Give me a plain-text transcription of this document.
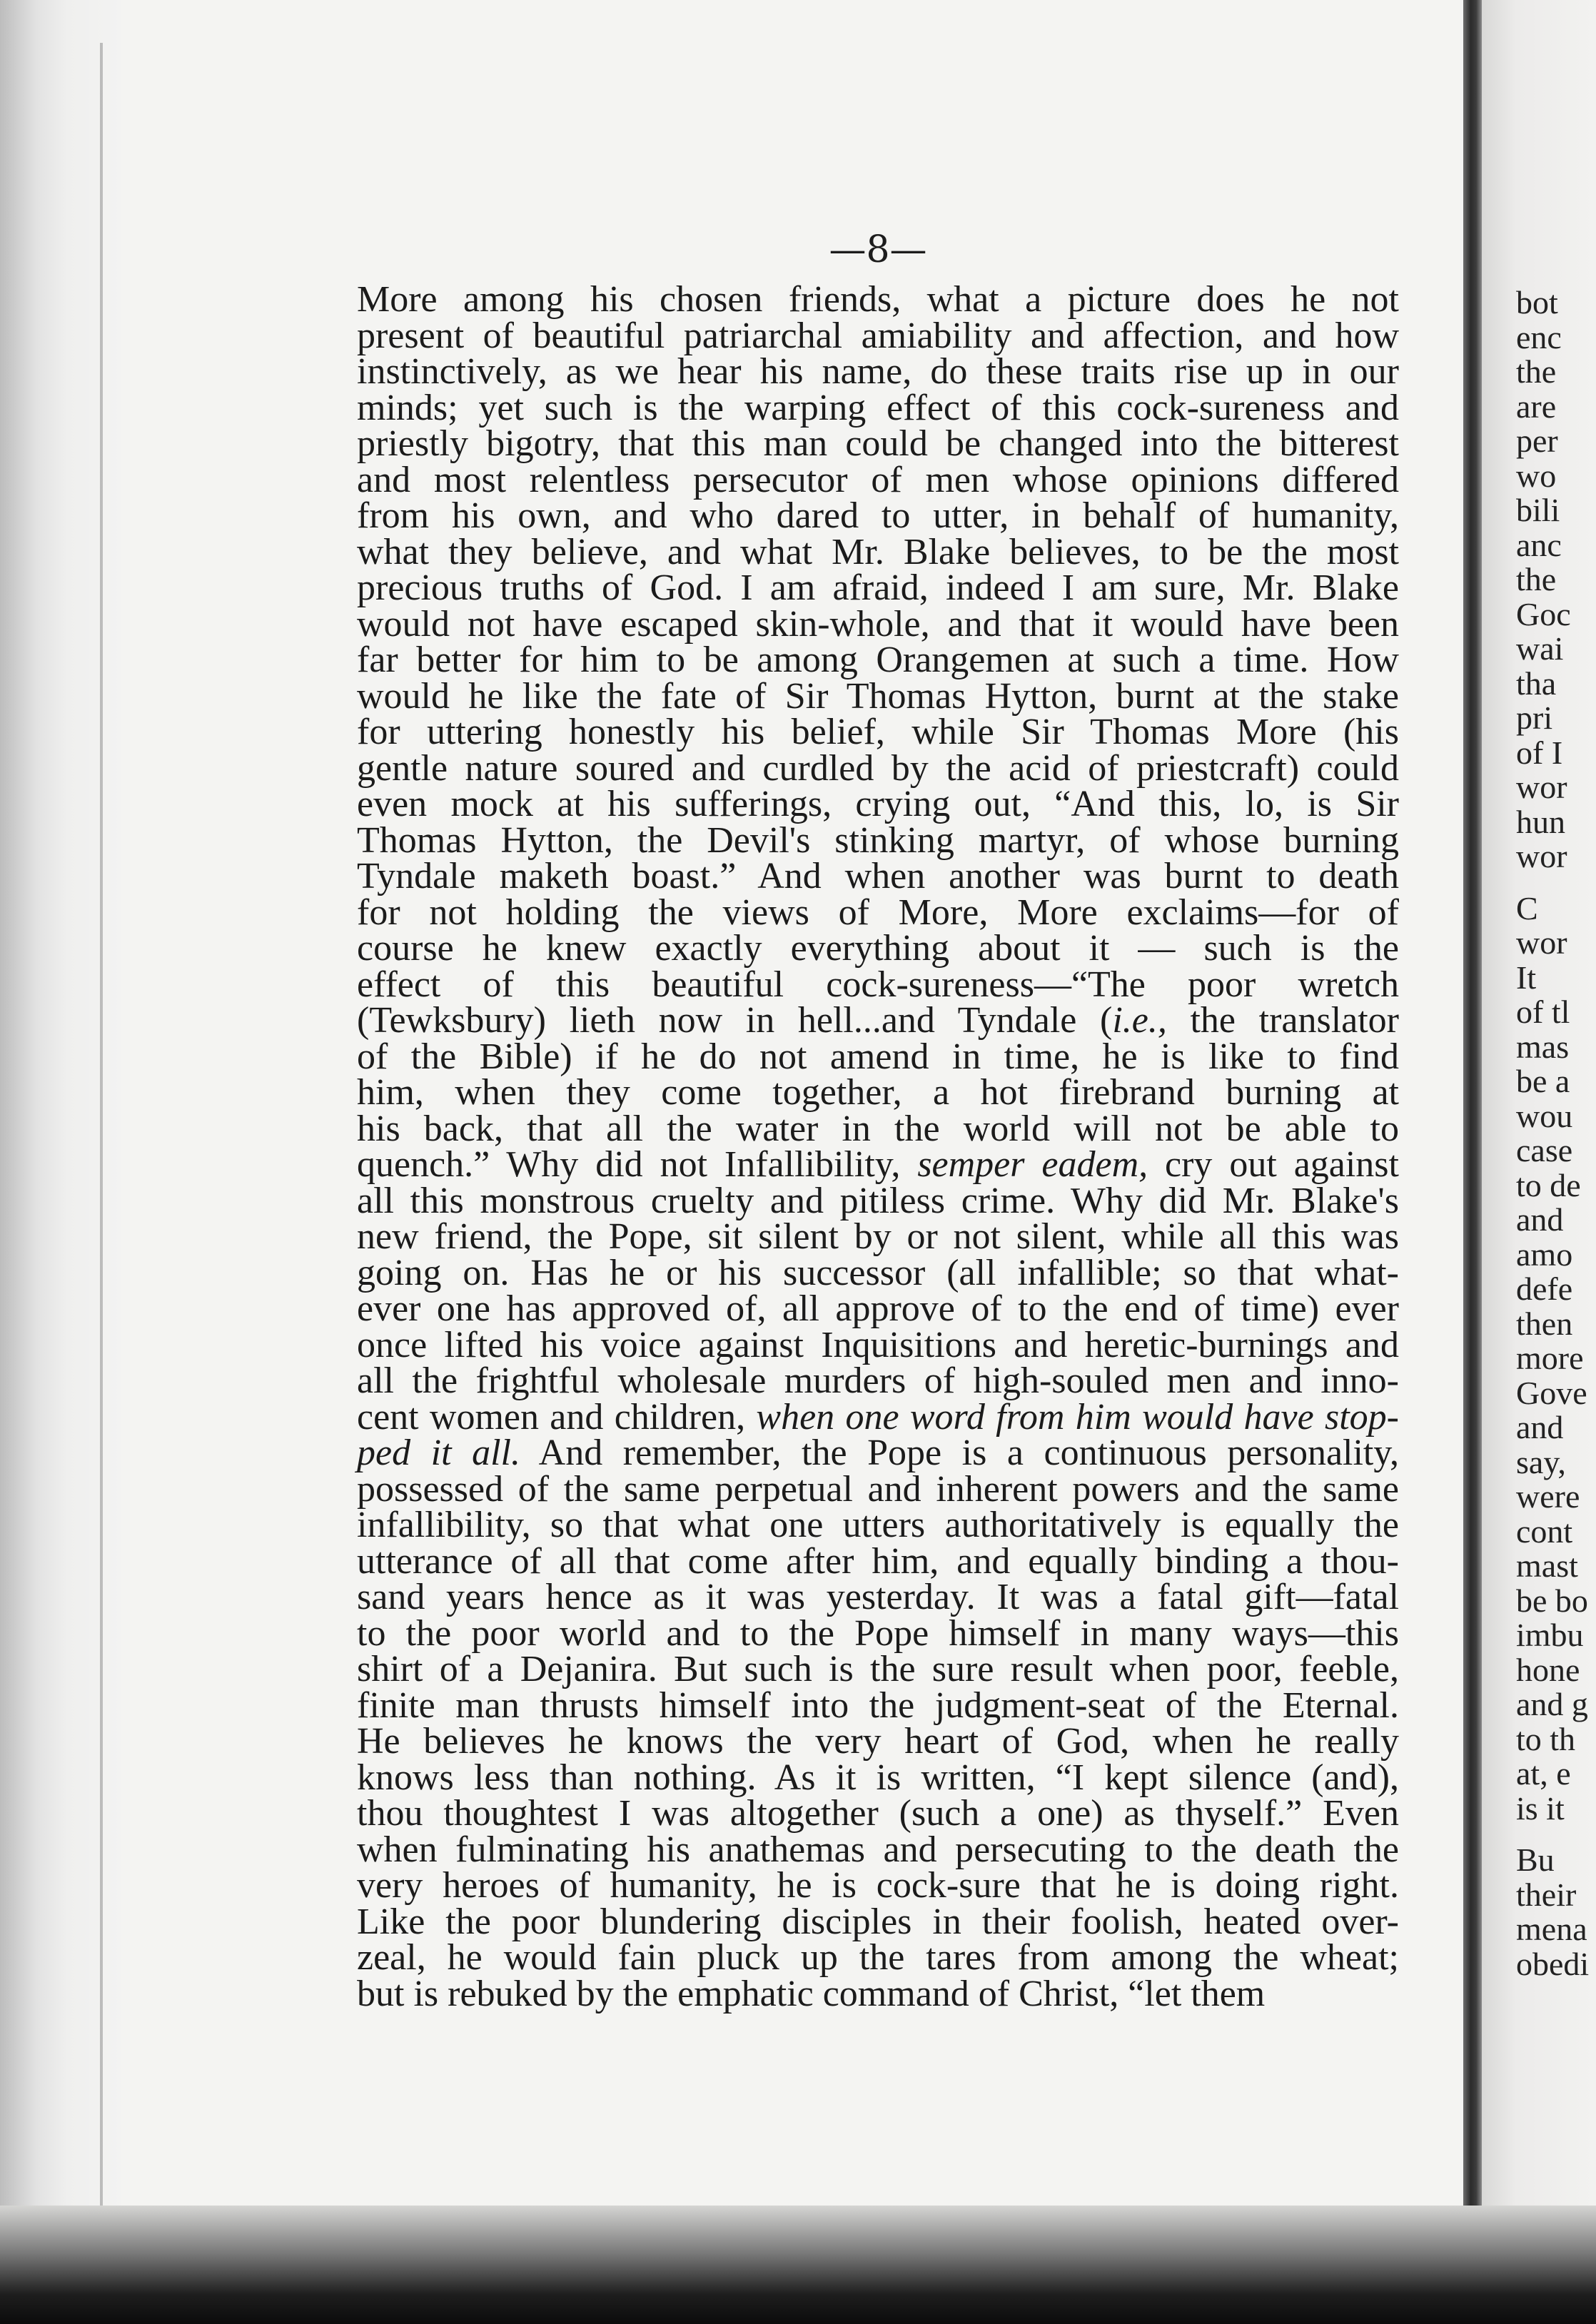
—8—
More among his chosen friends, what a picture does he not
present of beautiful patriarchal amiability and affection, and how
instinctively, as we hear his name, do these traits rise up in our
minds; yet such is the warping effect of this cock-sureness and
priestly bigotry, that this man could be changed into the bitterest
and most relentless persecutor of men whose opinions differed
from his own, and who dared to utter, in behalf of humanity,
what they believe, and what Mr. Blake believes, to be the most
precious truths of God. I am afraid, indeed I am sure, Mr. Blake
would not have escaped skin-whole, and that it would have been
far better for him to be among Orangemen at such a time. How
would he like the fate of Sir Thomas Hytton, burnt at the stake
for uttering honestly his belief, while Sir Thomas More (his
gentle nature soured and curdled by the acid of priestcraft) could
even mock at his sufferings, crying out, “And this, lo, is Sir
Thomas Hytton, the Devil's stinking martyr, of whose burning
Tyndale maketh boast.” And when another was burnt to death
for not holding the views of More, More exclaims—for of
course he knew exactly everything about it — such is the
effect of this beautiful cock-sureness—“The poor wretch
(Tewksbury) lieth now in hell...and Tyndale (i.e., the translator
of the Bible) if he do not amend in time, he is like to find
him, when they come together, a hot firebrand burning at
his back, that all the water in the world will not be able to
quench.” Why did not Infallibility, semper eadem, cry out against
all this monstrous cruelty and pitiless crime. Why did Mr. Blake's
new friend, the Pope, sit silent by or not silent, while all this was
going on. Has he or his successor (all infallible; so that what-
ever one has approved of, all approve of to the end of time) ever
once lifted his voice against Inquisitions and heretic-burnings and
all the frightful wholesale murders of high-souled men and inno-
cent women and children, when one word from him would have stop-
ped it all. And remember, the Pope is a continuous personality,
possessed of the same perpetual and inherent powers and the same
infallibility, so that what one utters authoritatively is equally the
utterance of all that come after him, and equally binding a thou-
sand years hence as it was yesterday. It was a fatal gift—fatal
to the poor world and to the Pope himself in many ways—this
shirt of a Dejanira. But such is the sure result when poor, feeble,
finite man thrusts himself into the judgment-seat of the Eternal.
He believes he knows the very heart of God, when he really
knows less than nothing. As it is written, “I kept silence (and),
thou thoughtest I was altogether (such a one) as thyself.” Even
when fulminating his anathemas and persecuting to the death the
very heroes of humanity, he is cock-sure that he is doing right.
Like the poor blundering disciples in their foolish, heated over-
zeal, he would fain pluck up the tares from among the wheat;
but is rebuked by the emphatic command of Christ, “let them
bot
enc
the
are
per
wo
bili
anc
the
Goc
wai
tha
pri
of I
wor
hun
wor
C
wor
It
of tl
mas
be a
wou
case
to de
and
amo
defe
then
more
Gove
and
say,
were
cont
mast
be bo
imbu
hone
and g
to th
at, e
is it
Bu
their
mena
obedi
